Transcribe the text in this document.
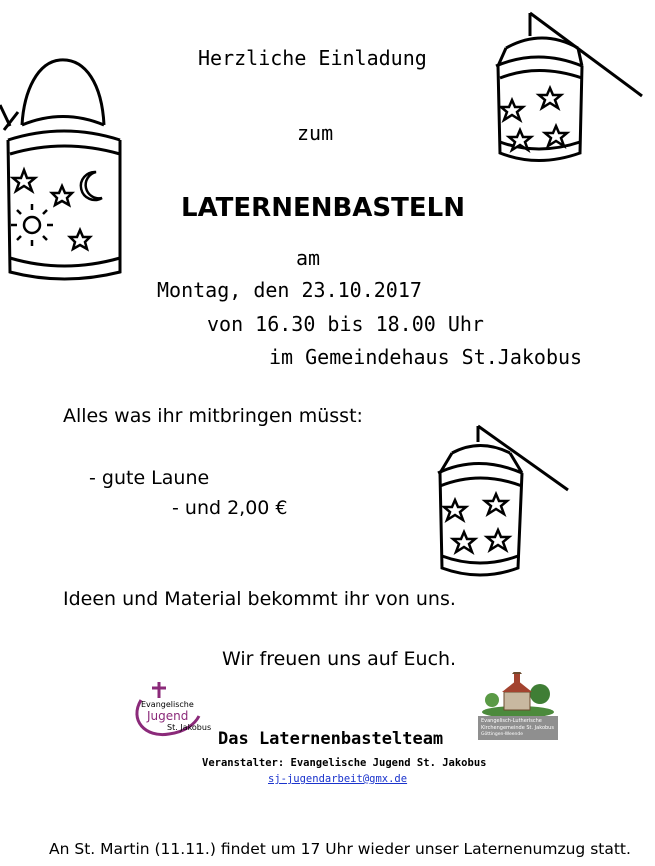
Herzliche Einladung
zum
LATERNENBASTELN
am
Montag, den 23.10.2017
von 16.30 bis 18.00 Uhr
im Gemeindehaus St.Jakobus
Alles was ihr mitbringen müsst:
- gute Laune
- und 2,00 €
Ideen und Material bekommt ihr von uns.
Wir freuen uns auf Euch.
Das Laternenbastelteam
Veranstalter: Evangelische Jugend St. Jakobus
sj-jugendarbeit@gmx.de
An St. Martin (11.11.) findet um 17 Uhr wieder unser Laternenumzug statt.
Evangelische
Jugend
St. Jakobus
Evangelisch-Lutherische
Kirchengemeinde St. Jakobus
Göttingen-Weende
